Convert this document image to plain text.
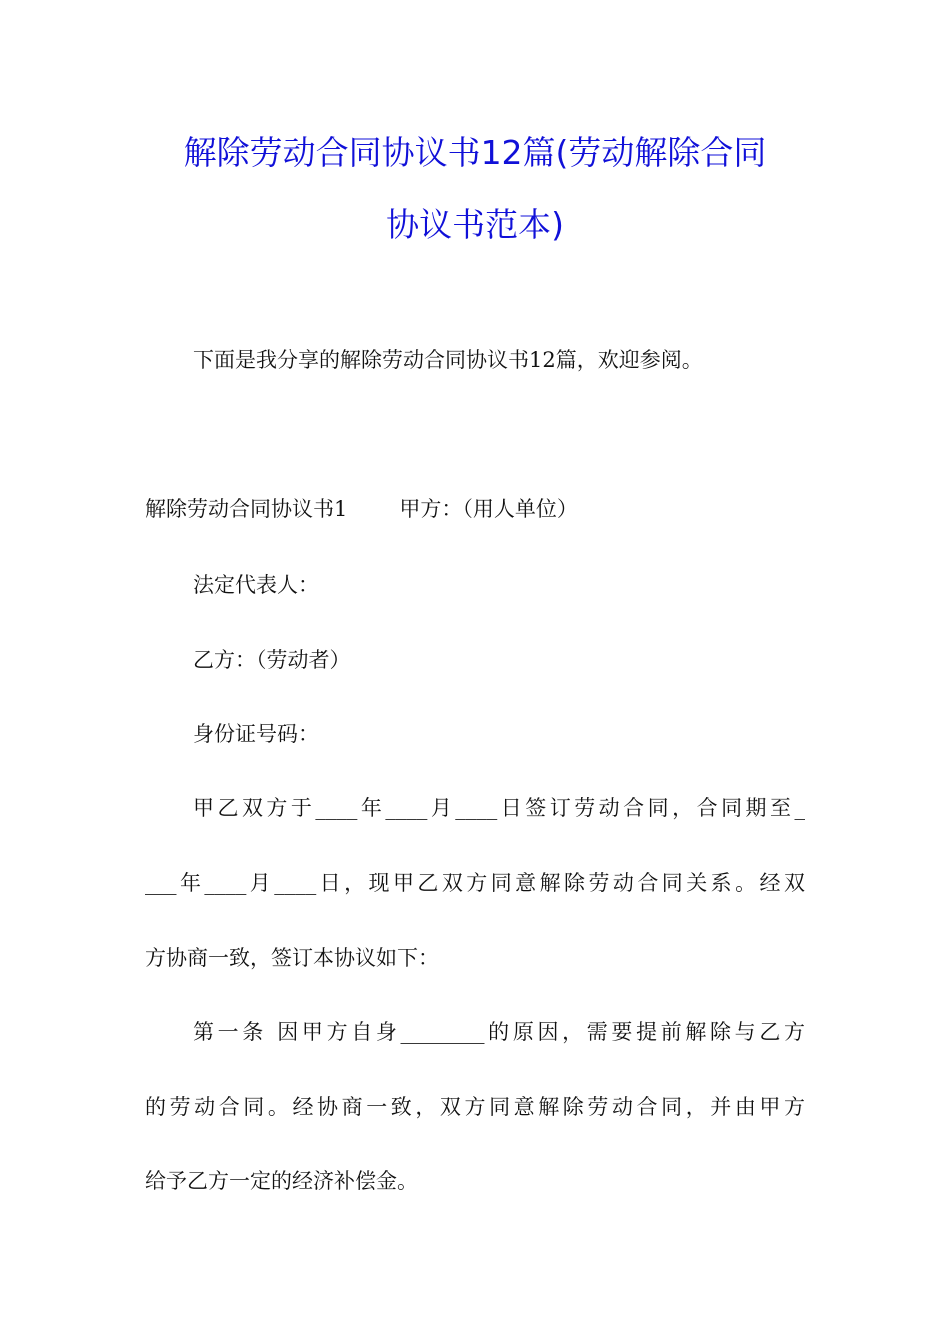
解除劳动合同协议书12篇(劳动解除合同
协议书范本)
下面是我分享的解除劳动合同协议书12篇，欢迎参阅。
解除劳动合同协议书1 甲方：（用人单位）
法定代表人：
乙方：（劳动者）
身份证号码：
甲乙双方于____年____月____日签订劳动合同，合同期至_
___年____月____日，现甲乙双方同意解除劳动合同关系。经双
方协商一致，签订本协议如下：
第一条 因甲方自身________的原因，需要提前解除与乙方
的劳动合同。经协商一致，双方同意解除劳动合同，并由甲方
给予乙方一定的经济补偿金。
